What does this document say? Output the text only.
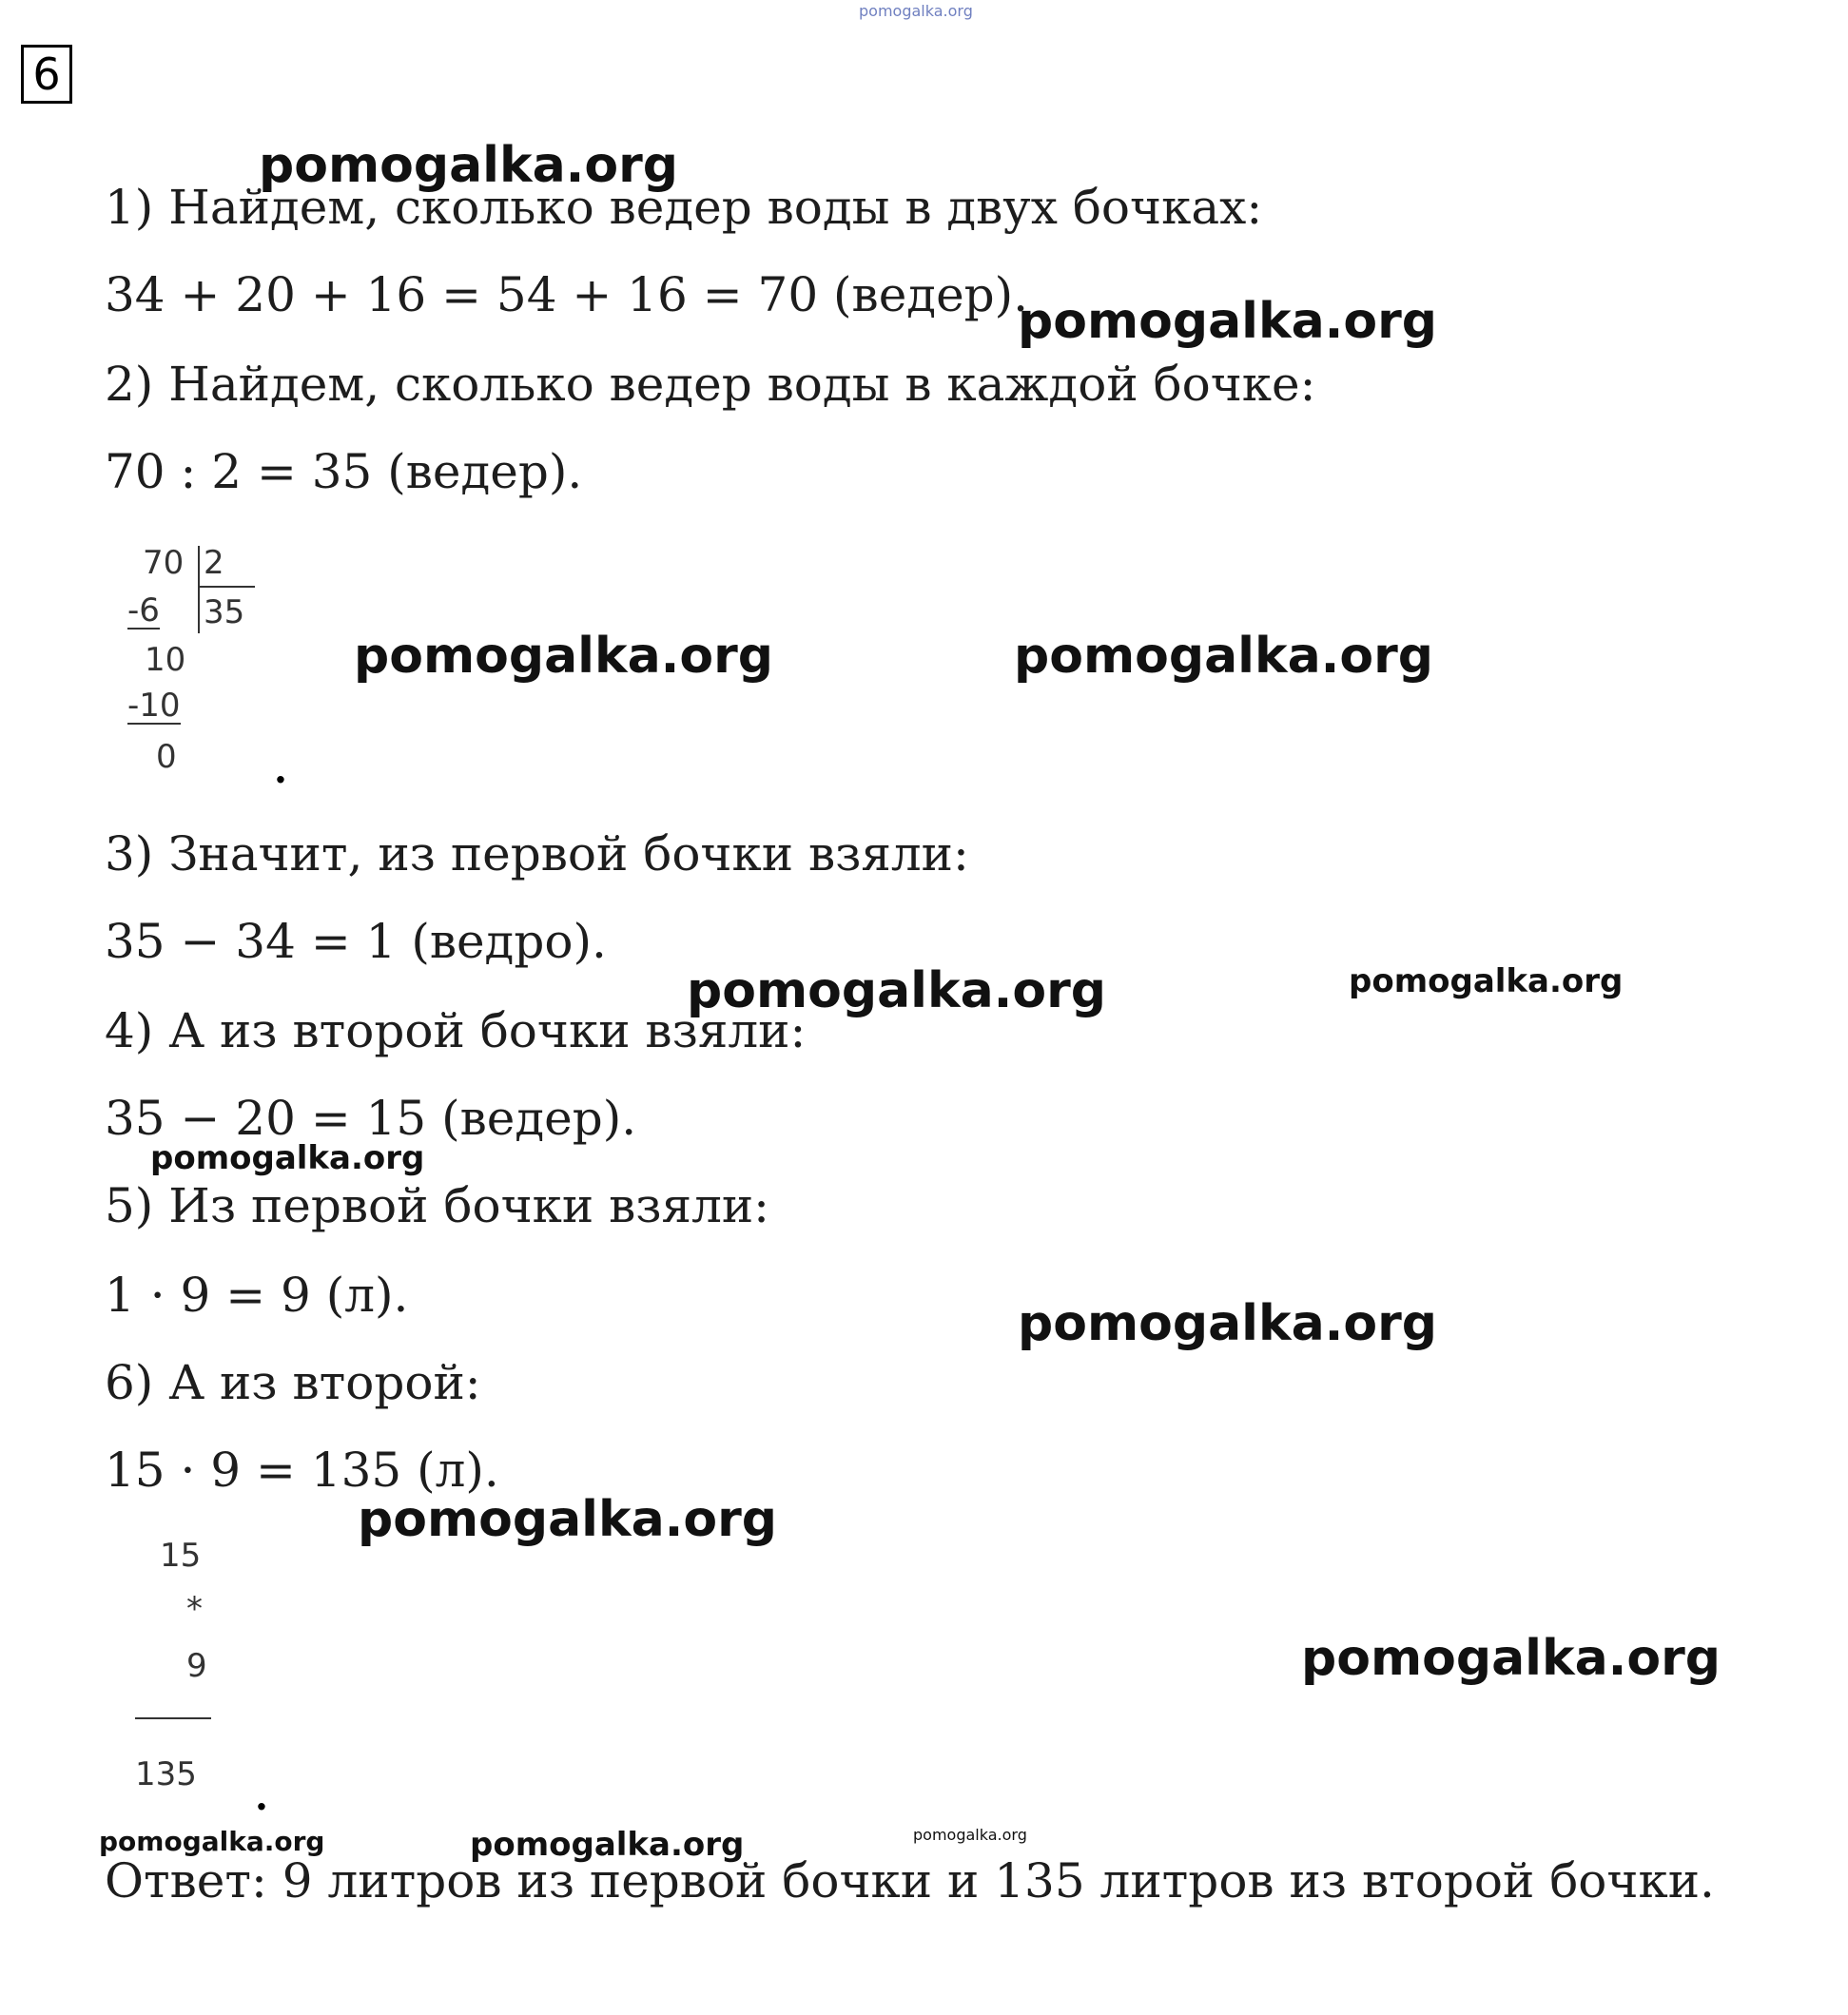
pomogalka.org
6
1) Найдем, сколько ведер воды в двух бочках:
34 + 20 + 16 = 54 + 16 = 70 (ведер).
2) Найдем, сколько ведер воды в каждой бочке:
70 : 2 = 35 (ведер).
70 2
-6 35
10
-10
0	.
3) Значит, из первой бочки взяли:
35 − 34 = 1 (ведро).
4) А из второй бочки взяли:
35 − 20 = 15 (ведер).
5) Из первой бочки взяли:
1 · 9 = 9 (л).
6) А из второй:
15 · 9 = 135 (л).
15
*
9
135 .
Ответ: 9 литров из первой бочки и 135 литров из второй бочки.
pomogalka.org
pomogalka.org
pomogalka.org	pomogalka.org
pomogalka.org	pomogalka.org
pomogalka.org
pomogalka.org
pomogalka.org
pomogalka.org
pomogalka.org	pomogalka.org	pomogalka.org
